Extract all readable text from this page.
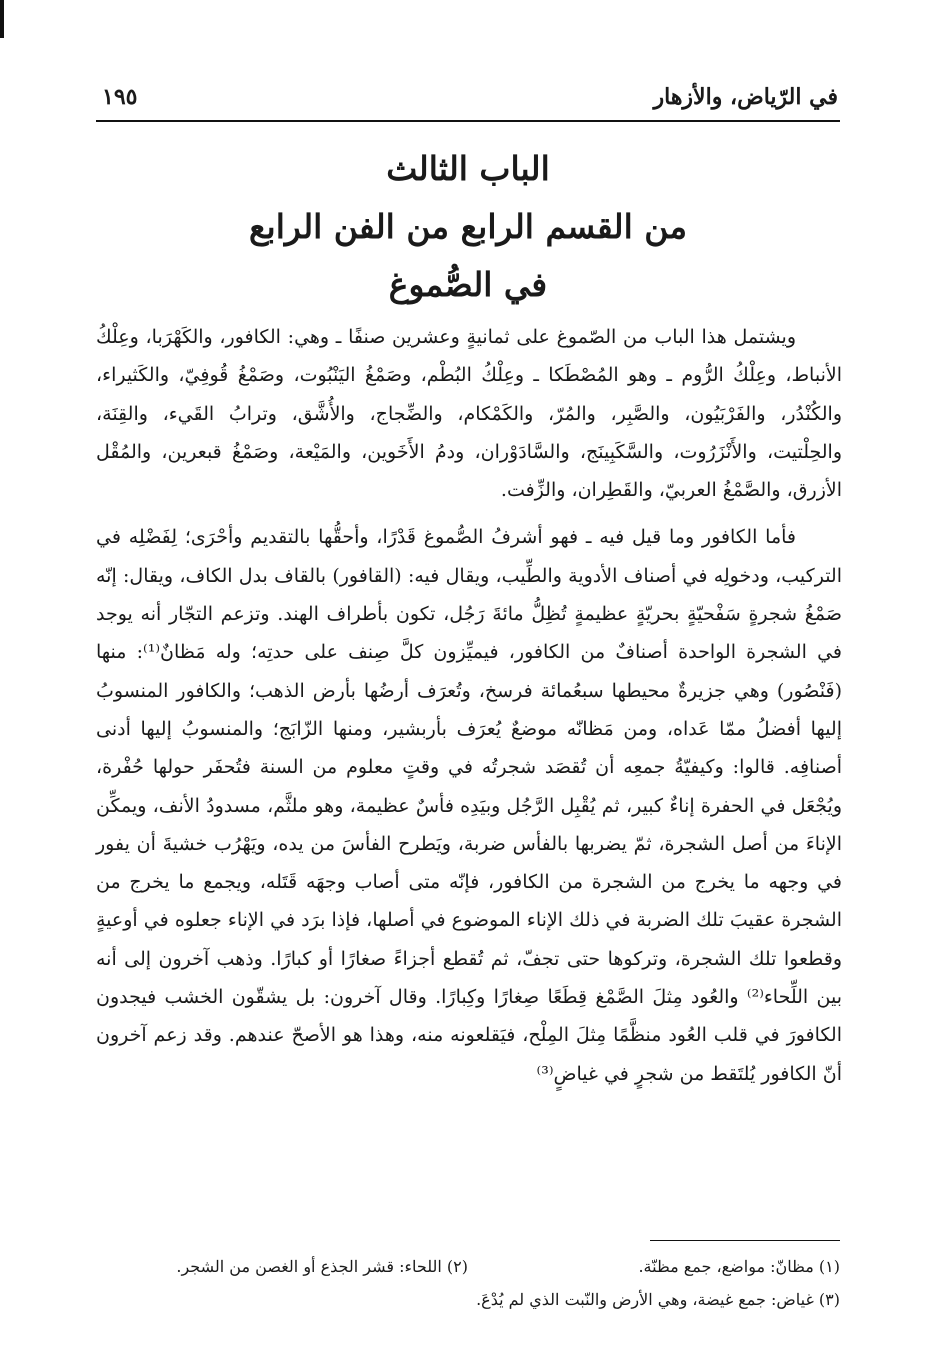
في الرّياض، والأزهار
١٩٥
الباب الثالث
من القسم الرابع من الفن الرابع
في الصُّموغ

ويشتمل هذا الباب من الصّموغ على ثمانيةٍ وعشرين صنفًا ـ وهي: الكافور، والكَهْرَبا، وعِلْكُ الأنباط، وعِلْكُ الرُّوم ـ وهو المُصْطَكا ـ وعِلْكُ البُطْم، وصَمْغُ اليَنْبُوت، وصَمْغُ قُوفِيّ، والكَثيراء، والكُنْدُر، والفَرْبَيُون، والصَّبِر، والمُرّ، والكَمْكام، والضِّجاج، والأُشَّق، وترابُ القَيء، والقِنَة، والحِلْتيت، والأَنْزَرُوت، والسَّكَبِينَج، والسَّادَوْران، ودمُ الأَخَوين، والمَيْعة، وصَمْغُ قبعرين، والمُقْل الأزرق، والصَّمْغُ العربيّ، والقَطِران، والزِّفت.

فأما الكافور وما قيل فيه ـ فهو أشرفُ الصُّموغ قَدْرًا، وأحقُّها بالتقديم وأحْرَى؛ لِفَضْلِه في التركيب، ودخولِه في أصناف الأدوية والطِّيب، ويقال فيه: (القافور) بالقاف بدل الكاف، ويقال: إنّه صَمْغُ شجرةٍ سَفْحيّةٍ بحريّةٍ عظيمةٍ تُظِلُّ مائةَ رَجُل، تكون بأطراف الهند. وتزعم التجّار أنه يوجد في الشجرة الواحدة أصنافٌ من الكافور، فيميِّزون كلَّ صِنف على حدتِه؛ وله مَظانٌ⁽¹⁾: منها (فَنْصُور) وهي جزيرةٌ محيطها سبعُمائة فرسخ، وتُعرَف أرضُها بأرض الذهب؛ والكافور المنسوبُ إليها أفضلُ ممّا عَداه، ومن مَظانّه موضعٌ يُعرَف بأربشير، ومنها الزّابَج؛ والمنسوبُ إليها أدنى أصنافِه. قالوا: وكيفيّةُ جمعِه أن تُقصَد شجرتُه في وقتٍ معلوم من السنة فتُحفَر حولها حُفْرة، ويُجْعَل في الحفرة إناءٌ كبير، ثم يُقْبِل الرَّجُل وبيَدِه فأسٌ عظيمة، وهو ملثَّم، مسدودُ الأنف، ويمكِّن الإناءَ من أصل الشجرة، ثمّ يضربها بالفأس ضربة، ويَطرح الفأسَ من يده، ويَهْرُب خشيةَ أن يفور في وجهه ما يخرج من الشجرة من الكافور، فإنّه متى أصاب وجهَه قَتَله، ويجمع ما يخرج من الشجرة عقيبَ تلك الضربة في ذلك الإناء الموضوع في أصلها، فإذا برَد في الإناء جعلوه في أوعيةٍ وقطعوا تلك الشجرة، وتركوها حتى تجفّ، ثم تُقطع أجزاءً صغارًا أو كبارًا. وذهب آخرون إلى أنه بين اللِّحاء⁽²⁾ والعُود مِثلَ الصَّمْغ قِطَعًا صِغارًا وكِبارًا. وقال آخرون: بل يشقّون الخشب فيجدون الكافورَ في قلب العُود منظَّمًا مِثلَ المِلْح، فيَقلعونه منه، وهذا هو الأصحّ عندهم. وقد زعم آخرون أنّ الكافور يُلتَقط من شجرٍ في غياضٍ⁽³⁾

(١) مظانّ: مواضع، جمع مظنّة.
(٢) اللحاء: قشر الجذع أو الغصن من الشجر.
(٣) غياض: جمع غيضة، وهي الأرض والنّبت الذي لم يُدْعَ.
